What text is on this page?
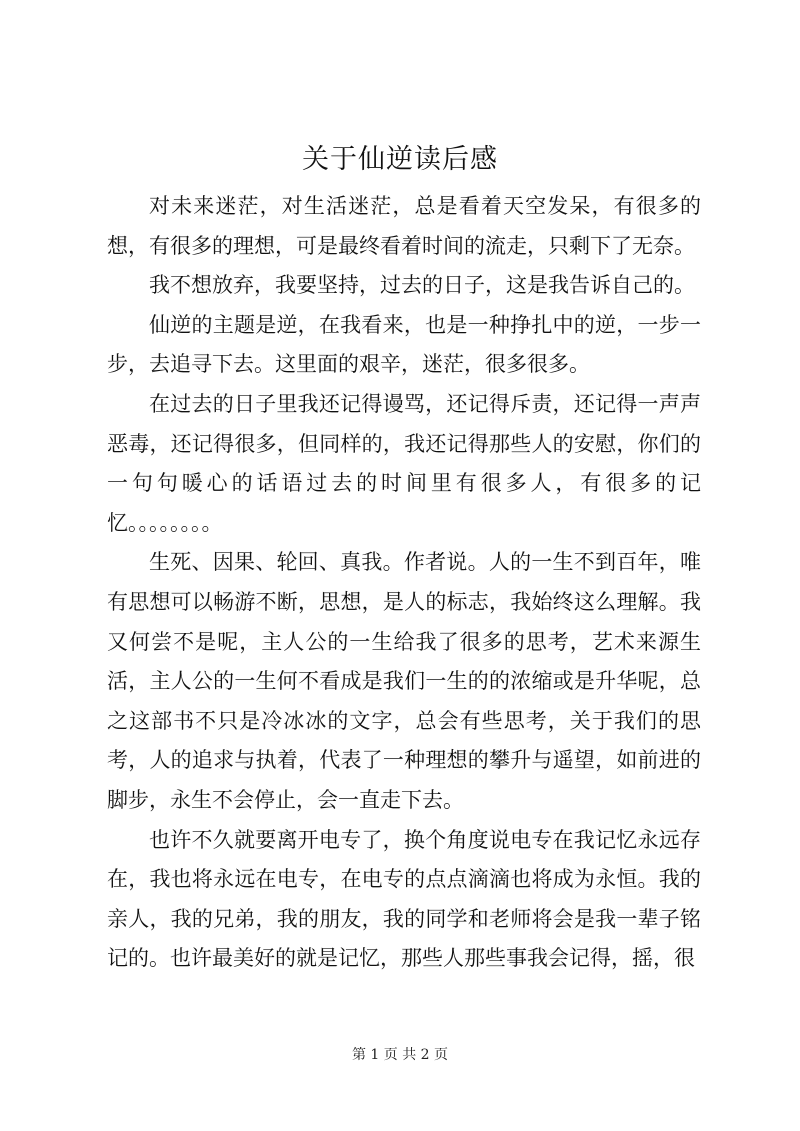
关于仙逆读后感

对未来迷茫，对生活迷茫，总是看着天空发呆，有很多的想，有很多的理想，可是最终看着时间的流走，只剩下了无奈。

我不想放弃，我要坚持，过去的日子，这是我告诉自己的。

仙逆的主题是逆，在我看来，也是一种挣扎中的逆，一步一步，去追寻下去。这里面的艰辛，迷茫，很多很多。

在过去的日子里我还记得谩骂，还记得斥责，还记得一声声恶毒，还记得很多，但同样的，我还记得那些人的安慰，你们的一句句暖心的话语过去的时间里有很多人，有很多的记忆。。。。。。。。

生死、因果、轮回、真我。作者说。人的一生不到百年，唯有思想可以畅游不断，思想，是人的标志，我始终这么理解。我又何尝不是呢，主人公的一生给我了很多的思考，艺术来源生活，主人公的一生何不看成是我们一生的的浓缩或是升华呢，总之这部书不只是冷冰冰的文字，总会有些思考，关于我们的思考，人的追求与执着，代表了一种理想的攀升与遥望，如前进的脚步，永生不会停止，会一直走下去。

也许不久就要离开电专了，换个角度说电专在我记忆永远存在，我也将永远在电专，在电专的点点滴滴也将成为永恒。我的亲人，我的兄弟，我的朋友，我的同学和老师将会是我一辈子铭记的。也许最美好的就是记忆，那些人那些事我会记得，摇，很

第 1 页 共 2 页
